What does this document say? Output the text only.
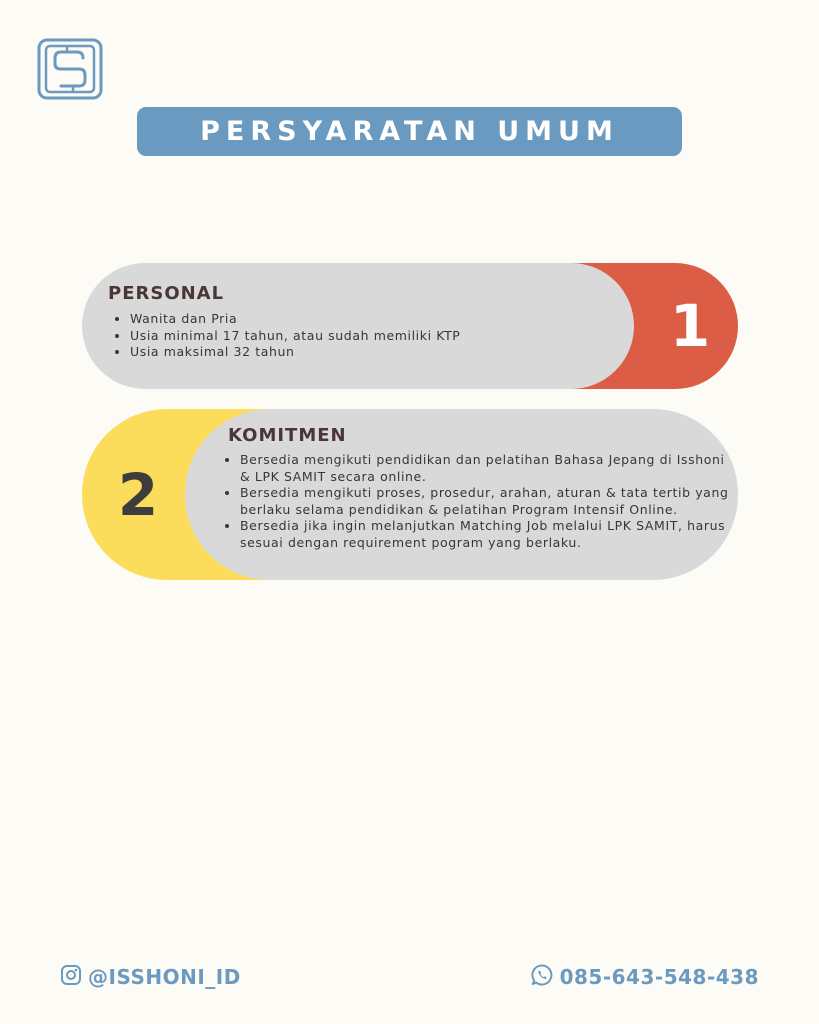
PERSYARATAN UMUM
PERSONAL
• Wanita dan Pria
• Usia minimal 17 tahun, atau sudah memiliki KTP
• Usia maksimal 32 tahun	1
2
KOMITMEN
• Bersedia mengikuti pendidikan dan pelatihan Bahasa Jepang di Isshoni & LPK SAMIT secara online.
• Bersedia mengikuti proses, prosedur, arahan, aturan & tata tertib yang berlaku selama pendidikan & pelatihan Program Intensif Online.
• Bersedia jika ingin melanjutkan Matching Job melalui LPK SAMIT, harus sesuai dengan requirement pogram yang berlaku.
@ISSHONI_ID	085-643-548-438
